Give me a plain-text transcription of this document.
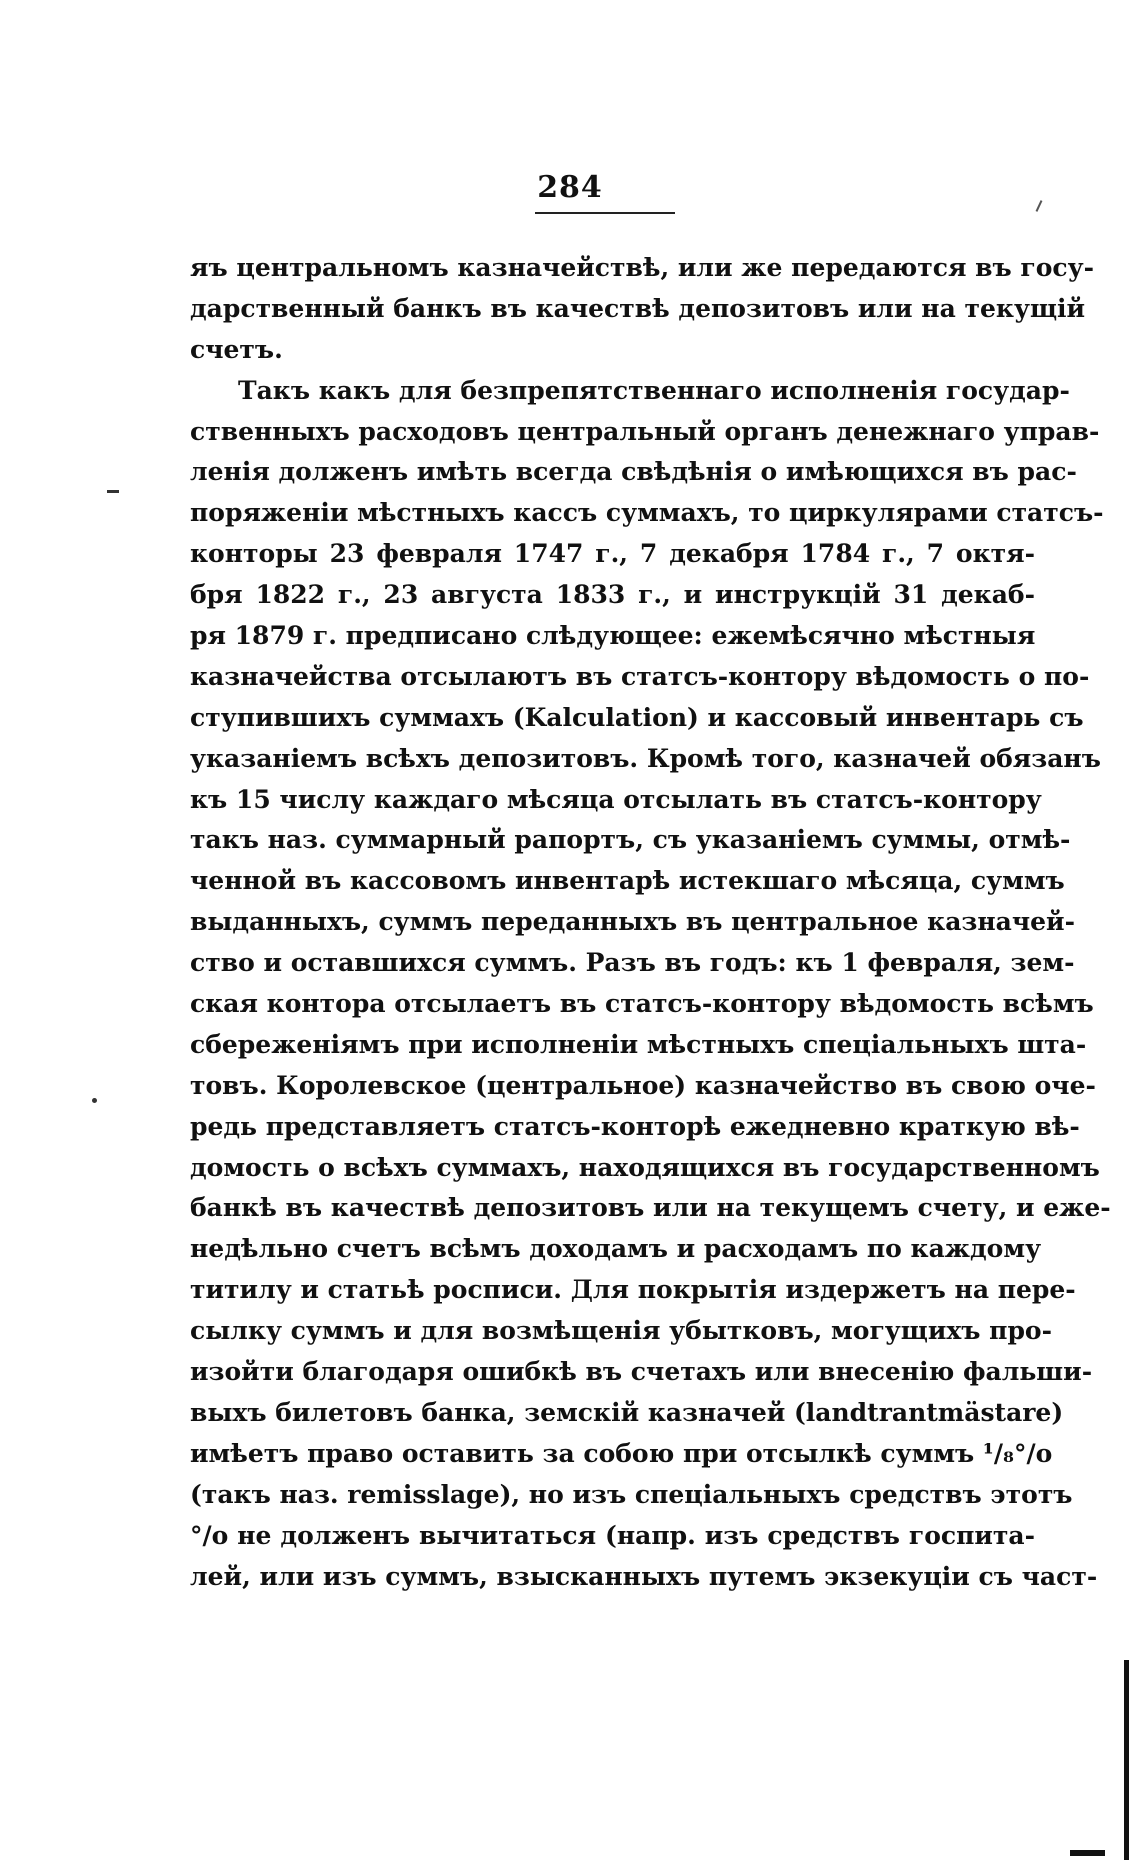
284
яъ центральномъ казначействѣ, или же передаются въ госу-
дарственный банкъ въ качествѣ депозитовъ или на текущій
счетъ.
Такъ какъ для безпрепятственнаго исполненія государ-
ственныхъ расходовъ центральный органъ денежнаго управ-
ленія долженъ имѣть всегда свѣдѣнія о имѣющихся въ рас-
поряженіи мѣстныхъ кассъ суммахъ, то циркулярами статсъ-
конторы 23 февраля 1747 г., 7 декабря 1784 г., 7 октя-
бря 1822 г., 23 августа 1833 г., и инструкцій 31 декаб-
ря 1879 г. предписано слѣдующее: ежемѣсячно мѣстныя
казначейства отсылаютъ въ статсъ-контору вѣдомость о по-
ступившихъ суммахъ (Kalculation) и кассовый инвентарь съ
указаніемъ всѣхъ депозитовъ. Кромѣ того, казначей обязанъ
къ 15 числу каждаго мѣсяца отсылать въ статсъ-контору
такъ наз. суммарный рапортъ, съ указаніемъ суммы, отмѣ-
ченной въ кассовомъ инвентарѣ истекшаго мѣсяца, суммъ
выданныхъ, суммъ переданныхъ въ центральное казначей-
ство и оставшихся суммъ. Разъ въ годъ: къ 1 февраля, зем-
ская контора отсылаетъ въ статсъ-контору вѣдомость всѣмъ
сбереженіямъ при исполненіи мѣстныхъ спеціальныхъ шта-
товъ. Королевское (центральное) казначейство въ свою оче-
редь представляетъ статсъ-конторѣ ежедневно краткую вѣ-
домость о всѣхъ суммахъ, находящихся въ государственномъ
банкѣ въ качествѣ депозитовъ или на текущемъ счету, и еже-
недѣльно счетъ всѣмъ доходамъ и расходамъ по каждому
титилу и статьѣ росписи. Для покрытія издержетъ на пере-
сылку суммъ и для возмѣщенія убытковъ, могущихъ про-
изойти благодаря ошибкѣ въ счетахъ или внесенію фальши-
выхъ билетовъ банка, земскій казначей (landtrantmästare)
имѣетъ право оставить за собою при отсылкѣ суммъ ¹/₈°/о
(такъ наз. remisslage), но изъ спеціальныхъ средствъ этотъ
°/о не долженъ вычитаться (напр. изъ средствъ госпита-
лей, или изъ суммъ, взысканныхъ путемъ экзекуціи съ част-
